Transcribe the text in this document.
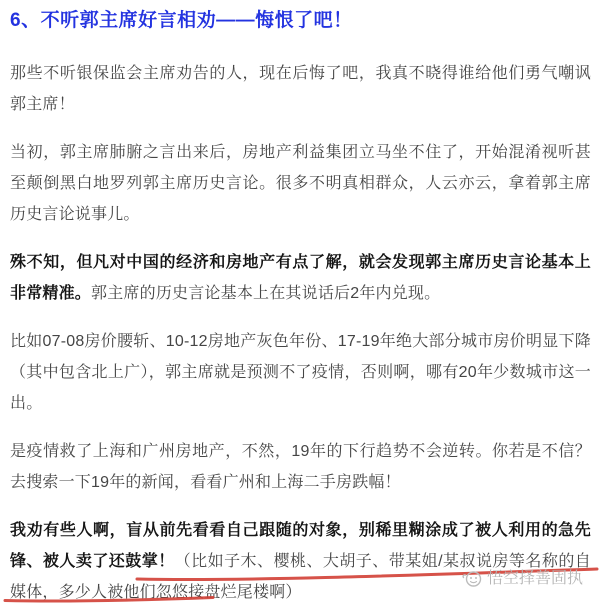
6、不听郭主席好言相劝——悔恨了吧！

那些不听银保监会主席劝告的人，现在后悔了吧，我真不晓得谁给他们勇气嘲讽郭主席！

当初，郭主席肺腑之言出来后，房地产利益集团立马坐不住了，开始混淆视听甚至颠倒黑白地罗列郭主席历史言论。很多不明真相群众，人云亦云，拿着郭主席历史言论说事儿。

殊不知，但凡对中国的经济和房地产有点了解，就会发现郭主席历史言论基本上非常精准。郭主席的历史言论基本上在其说话后2年内兑现。

比如07-08房价腰斩、10-12房地产灰色年份、17-19年绝大部分城市房价明显下降（其中包含北上广），郭主席就是预测不了疫情，否则啊，哪有20年少数城市这一出。

是疫情救了上海和广州房地产，不然，19年的下行趋势不会逆转。你若是不信？去搜索一下19年的新闻，看看广州和上海二手房跌幅！

我劝有些人啊，盲从前先看看自己跟随的对象，别稀里糊涂成了被人利用的急先锋、被人卖了还鼓掌！（比如子木、樱桃、大胡子、带某姐/某叔说房等名称的自媒体，多少人被他们忽悠接盘烂尾楼啊）

悟空择善固执
